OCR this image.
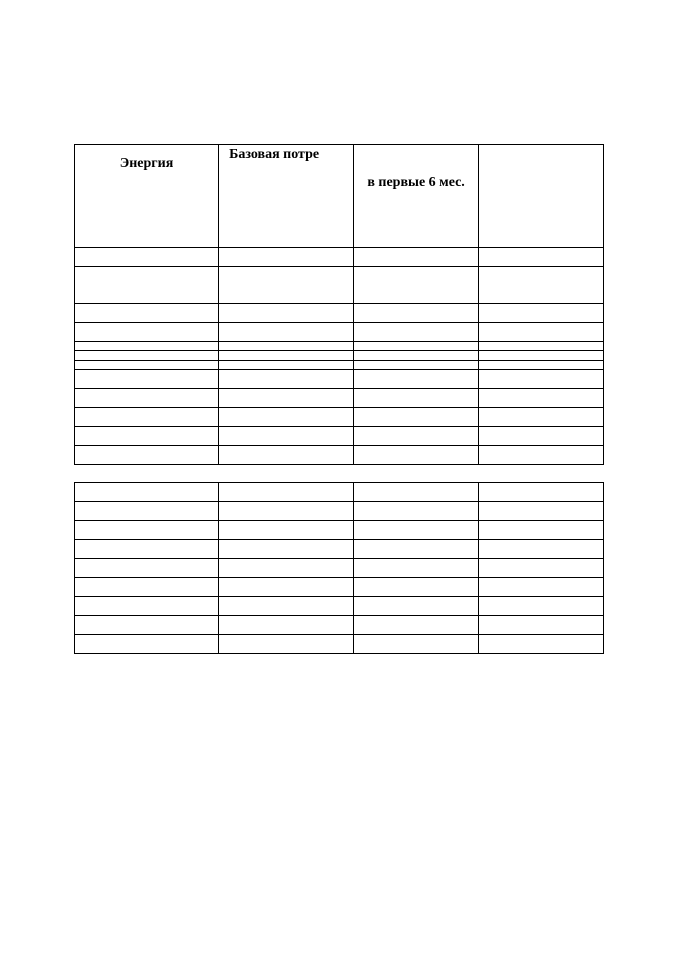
Энергия	Базовая потре	в первые 6 мес.	
